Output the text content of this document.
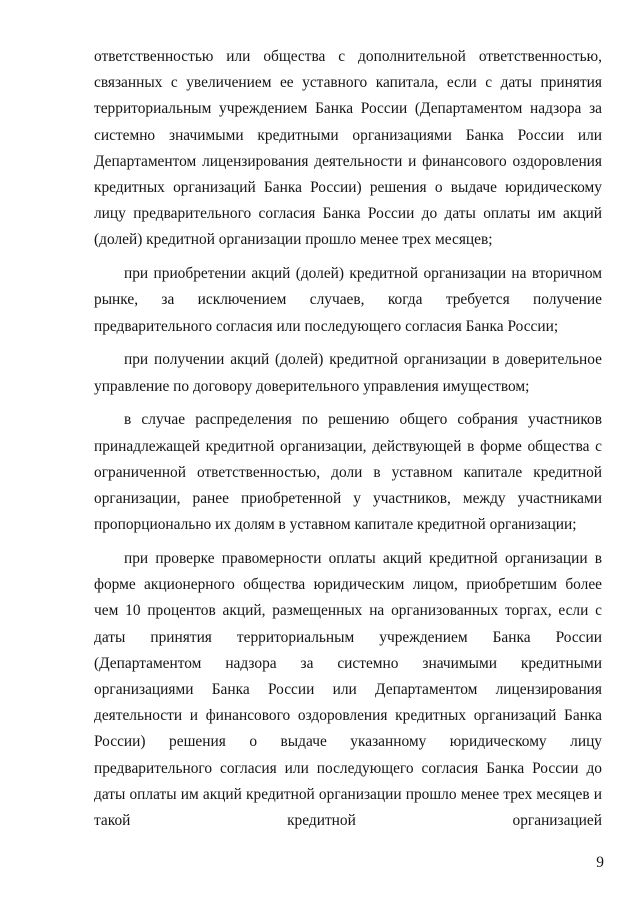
ответственностью или общества с дополнительной ответственностью, связанных с увеличением ее уставного капитала, если с даты принятия территориальным учреждением Банка России (Департаментом надзора за системно значимыми кредитными организациями Банка России или Департаментом лицензирования деятельности и финансового оздоровления кредитных организаций Банка России) решения о выдаче юридическому лицу предварительного согласия Банка России до даты оплаты им акций (долей) кредитной организации прошло менее трех месяцев;

при приобретении акций (долей) кредитной организации на вторичном рынке, за исключением случаев, когда требуется получение предварительного согласия или последующего согласия Банка России;

при получении акций (долей) кредитной организации в доверительное управление по договору доверительного управления имуществом;

в случае распределения по решению общего собрания участников принадлежащей кредитной организации, действующей в форме общества с ограниченной ответственностью, доли в уставном капитале кредитной организации, ранее приобретенной у участников, между участниками пропорционально их долям в уставном капитале кредитной организации;

при проверке правомерности оплаты акций кредитной организации в форме акционерного общества юридическим лицом, приобретшим более чем 10 процентов акций, размещенных на организованных торгах, если с даты принятия территориальным учреждением Банка России (Департаментом надзора за системно значимыми кредитными организациями Банка России или Департаментом лицензирования деятельности и финансового оздоровления кредитных организаций Банка России) решения о выдаче указанному юридическому лицу предварительного согласия или последующего согласия Банка России до даты оплаты им акций кредитной организации прошло менее трех месяцев и такой кредитной организацией

9
